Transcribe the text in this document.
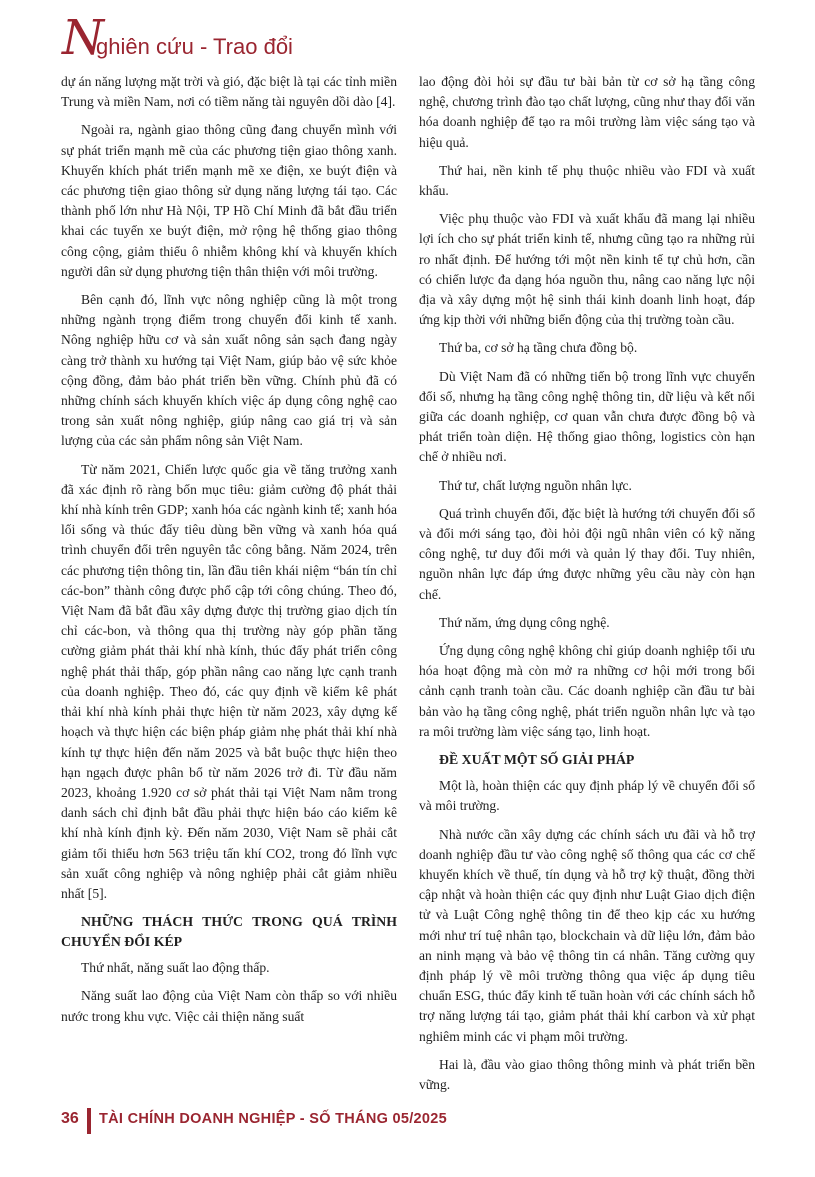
N
ghiên cứu - Trao đổi

dự án năng lượng mặt trời và gió, đặc biệt là tại các tỉnh miền Trung và miền Nam, nơi có tiềm năng tài nguyên dồi dào [4].

Ngoài ra, ngành giao thông cũng đang chuyển mình với sự phát triển mạnh mẽ của các phương tiện giao thông xanh. Khuyến khích phát triển mạnh mẽ xe điện, xe buýt điện và các phương tiện giao thông sử dụng năng lượng tái tạo. Các thành phố lớn như Hà Nội, TP Hồ Chí Minh đã bắt đầu triển khai các tuyến xe buýt điện, mở rộng hệ thống giao thông công cộng, giảm thiểu ô nhiễm không khí và khuyến khích người dân sử dụng phương tiện thân thiện với môi trường.

Bên cạnh đó, lĩnh vực nông nghiệp cũng là một trong những ngành trọng điểm trong chuyển đổi kinh tế xanh. Nông nghiệp hữu cơ và sản xuất nông sản sạch đang ngày càng trở thành xu hướng tại Việt Nam, giúp bảo vệ sức khỏe cộng đồng, đảm bảo phát triển bền vững. Chính phủ đã có những chính sách khuyến khích việc áp dụng công nghệ cao trong sản xuất nông nghiệp, giúp nâng cao giá trị và sản lượng của các sản phẩm nông sản Việt Nam.

Từ năm 2021, Chiến lược quốc gia về tăng trưởng xanh đã xác định rõ ràng bốn mục tiêu: giảm cường độ phát thải khí nhà kính trên GDP; xanh hóa các ngành kinh tế; xanh hóa lối sống và thúc đẩy tiêu dùng bền vững và xanh hóa quá trình chuyển đổi trên nguyên tắc công bằng. Năm 2024, trên các phương tiện thông tin, lần đầu tiên khái niệm “bán tín chỉ các-bon” thành công được phổ cập tới công chúng. Theo đó, Việt Nam đã bắt đầu xây dựng được thị trường giao dịch tín chỉ các-bon, và thông qua thị trường này góp phần tăng cường giảm phát thải khí nhà kính, thúc đẩy phát triển công nghệ phát thải thấp, góp phần nâng cao năng lực cạnh tranh của doanh nghiệp. Theo đó, các quy định về kiểm kê phát thải khí nhà kính phải thực hiện từ năm 2023, xây dựng kế hoạch và thực hiện các biện pháp giảm nhẹ phát thải khí nhà kính tự thực hiện đến năm 2025 và bắt buộc thực hiện theo hạn ngạch được phân bổ từ năm 2026 trở đi. Từ đầu năm 2023, khoảng 1.920 cơ sở phát thải tại Việt Nam nằm trong danh sách chỉ định bắt đầu phải thực hiện báo cáo kiểm kê khí nhà kính định kỳ. Đến năm 2030, Việt Nam sẽ phải cắt giảm tối thiểu hơn 563 triệu tấn khí CO2, trong đó lĩnh vực sản xuất công nghiệp và nông nghiệp phải cắt giảm nhiều nhất [5].

NHỮNG THÁCH THỨC TRONG QUÁ TRÌNH CHUYỂN ĐỔI KÉP

Thứ nhất, năng suất lao động thấp.

Năng suất lao động của Việt Nam còn thấp so với nhiều nước trong khu vực. Việc cải thiện năng suất

lao động đòi hỏi sự đầu tư bài bản từ cơ sở hạ tầng công nghệ, chương trình đào tạo chất lượng, cũng như thay đổi văn hóa doanh nghiệp để tạo ra môi trường làm việc sáng tạo và hiệu quả.

Thứ hai, nền kinh tế phụ thuộc nhiều vào FDI và xuất khẩu.

Việc phụ thuộc vào FDI và xuất khẩu đã mang lại nhiều lợi ích cho sự phát triển kinh tế, nhưng cũng tạo ra những rủi ro nhất định. Để hướng tới một nền kinh tế tự chủ hơn, cần có chiến lược đa dạng hóa nguồn thu, nâng cao năng lực nội địa và xây dựng một hệ sinh thái kinh doanh linh hoạt, đáp ứng kịp thời với những biến động của thị trường toàn cầu.

Thứ ba, cơ sở hạ tầng chưa đồng bộ.

Dù Việt Nam đã có những tiến bộ trong lĩnh vực chuyển đổi số, nhưng hạ tầng công nghệ thông tin, dữ liệu và kết nối giữa các doanh nghiệp, cơ quan vẫn chưa được đồng bộ và phát triển toàn diện. Hệ thống giao thông, logistics còn hạn chế ở nhiều nơi.

Thứ tư, chất lượng nguồn nhân lực.

Quá trình chuyển đổi, đặc biệt là hướng tới chuyển đổi số và đổi mới sáng tạo, đòi hỏi đội ngũ nhân viên có kỹ năng công nghệ, tư duy đổi mới và quản lý thay đổi. Tuy nhiên, nguồn nhân lực đáp ứng được những yêu cầu này còn hạn chế.

Thứ năm, ứng dụng công nghệ.

Ứng dụng công nghệ không chỉ giúp doanh nghiệp tối ưu hóa hoạt động mà còn mở ra những cơ hội mới trong bối cảnh cạnh tranh toàn cầu. Các doanh nghiệp cần đầu tư bài bản vào hạ tầng công nghệ, phát triển nguồn nhân lực và tạo ra môi trường làm việc sáng tạo, linh hoạt.

ĐỀ XUẤT MỘT SỐ GIẢI PHÁP

Một là, hoàn thiện các quy định pháp lý về chuyển đổi số và môi trường.

Nhà nước cần xây dựng các chính sách ưu đãi và hỗ trợ doanh nghiệp đầu tư vào công nghệ số thông qua các cơ chế khuyến khích về thuế, tín dụng và hỗ trợ kỹ thuật, đồng thời cập nhật và hoàn thiện các quy định như Luật Giao dịch điện tử và Luật Công nghệ thông tin để theo kịp các xu hướng mới như trí tuệ nhân tạo, blockchain và dữ liệu lớn, đảm bảo an ninh mạng và bảo vệ thông tin cá nhân. Tăng cường quy định pháp lý về môi trường thông qua việc áp dụng tiêu chuẩn ESG, thúc đẩy kinh tế tuần hoàn với các chính sách hỗ trợ năng lượng tái tạo, giảm phát thải khí carbon và xử phạt nghiêm minh các vi phạm môi trường.

Hai là, đầu vào giao thông thông minh và phát triển bền vững.

36 TÀI CHÍNH DOANH NGHIỆP - SỐ THÁNG 05/2025
